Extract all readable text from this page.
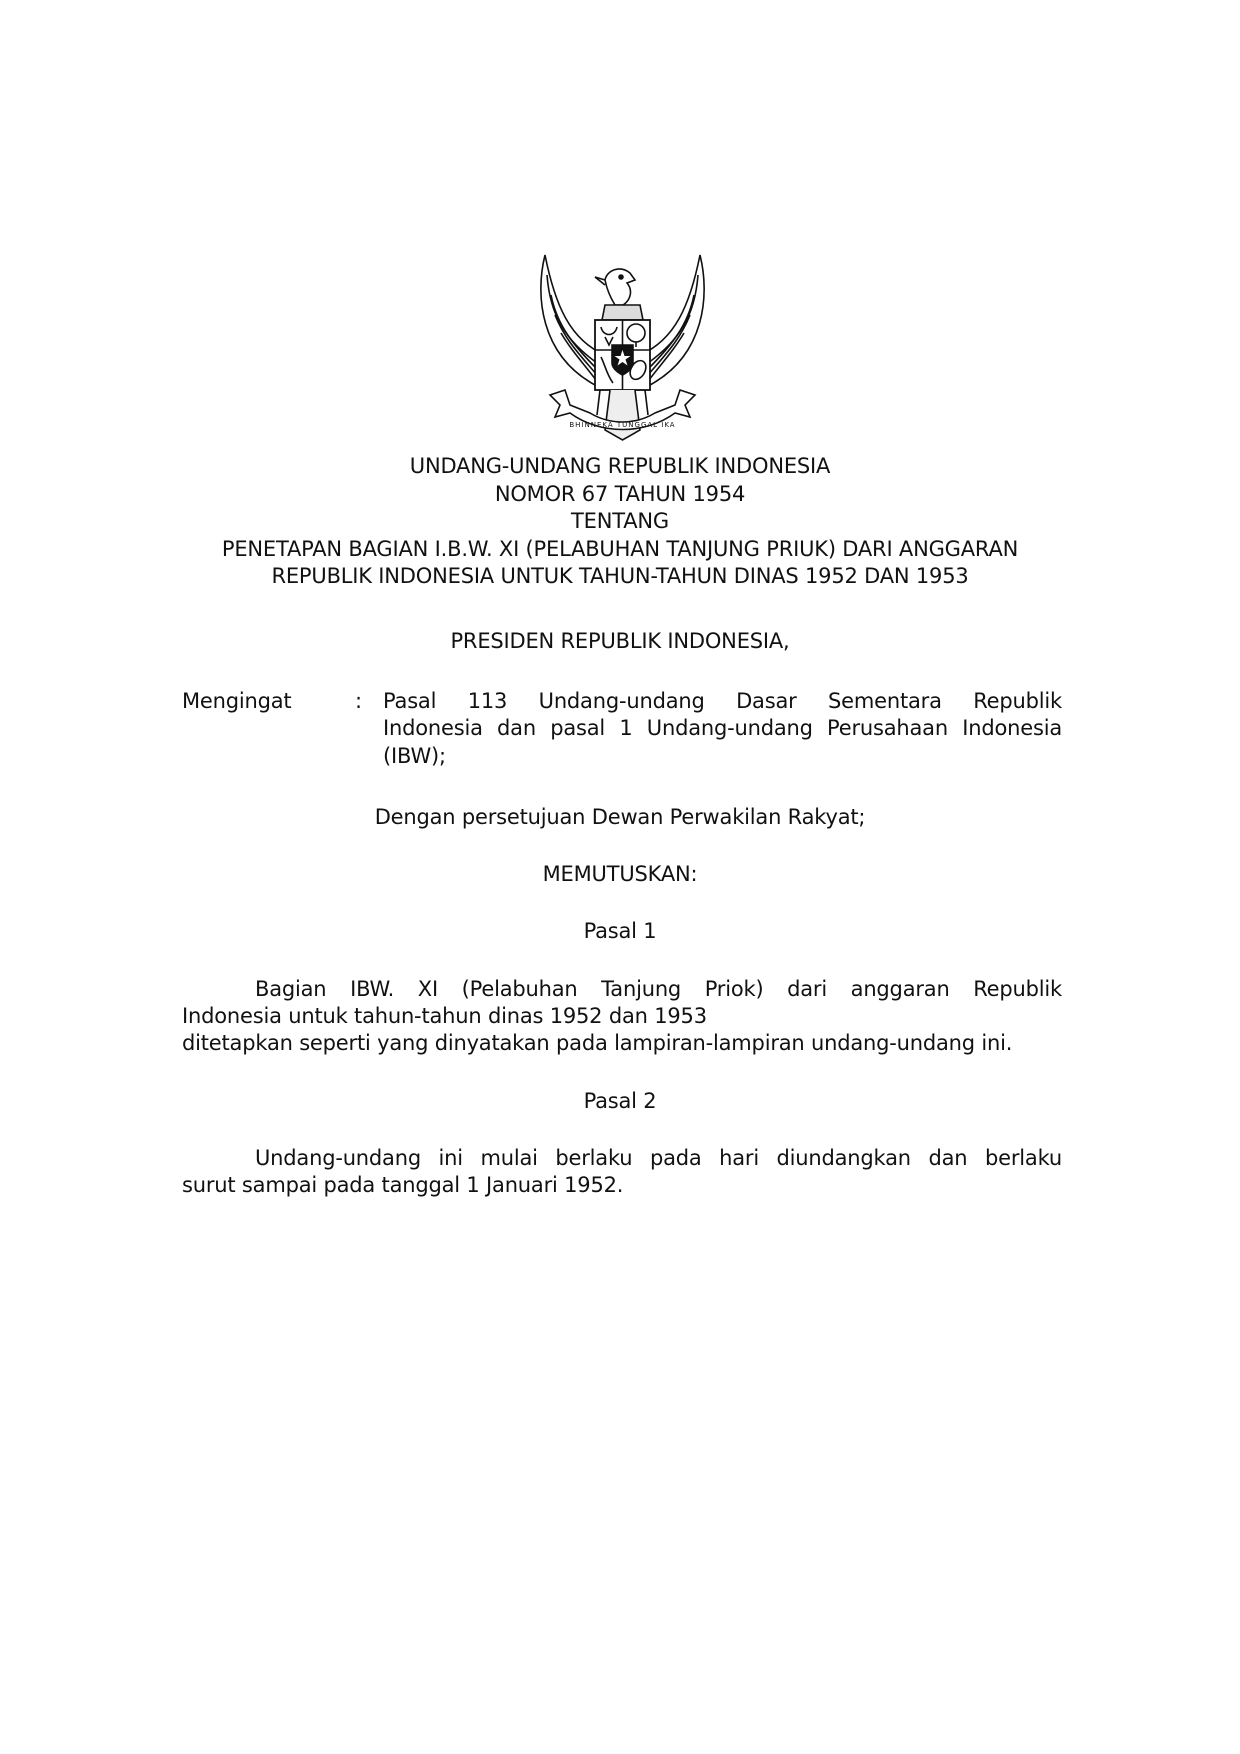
BHINNEKA TUNGGAL IKA
UNDANG-UNDANG REPUBLIK INDONESIA
NOMOR 67 TAHUN 1954
TENTANG
PENETAPAN BAGIAN I.B.W. XI (PELABUHAN TANJUNG PRIUK) DARI ANGGARAN
REPUBLIK INDONESIA UNTUK TAHUN-TAHUN DINAS 1952 DAN 1953
PRESIDEN REPUBLIK INDONESIA,
Mengingat	: Pasal 113 Undang-undang Dasar Sementara Republik
Indonesia dan pasal 1 Undang-undang Perusahaan Indonesia
(IBW);
Dengan persetujuan Dewan Perwakilan Rakyat;
MEMUTUSKAN:
Pasal 1
Bagian IBW. XI (Pelabuhan Tanjung Priok) dari anggaran Republik
Indonesia untuk tahun-tahun dinas 1952 dan 1953
ditetapkan seperti yang dinyatakan pada lampiran-lampiran undang-undang ini.
Pasal 2
Undang-undang ini mulai berlaku pada hari diundangkan dan berlaku
surut sampai pada tanggal 1 Januari 1952.
